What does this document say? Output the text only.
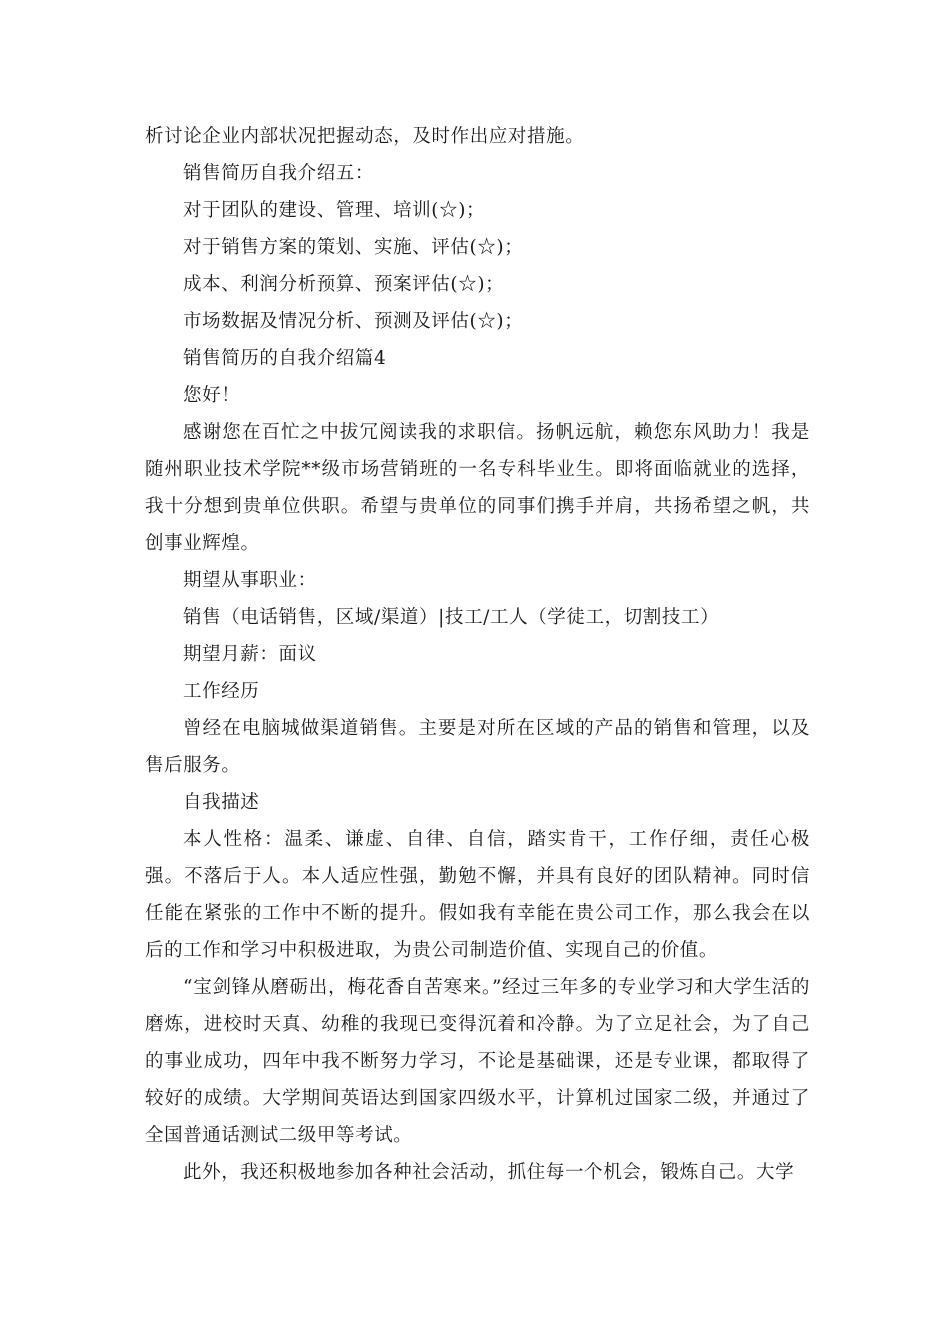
析讨论企业内部状况把握动态，及时作出应对措施。

销售简历自我介绍五：

对于团队的建设、管理、培训(☆)；

对于销售方案的策划、实施、评估(☆)；

成本、利润分析预算、预案评估(☆)；

市场数据及情况分析、预测及评估(☆)；

销售简历的自我介绍篇4

您好！

感谢您在百忙之中拔冗阅读我的求职信。扬帆远航，赖您东风助力！我是随州职业技术学院**级市场营销班的一名专科毕业生。即将面临就业的选择，我十分想到贵单位供职。希望与贵单位的同事们携手并肩，共扬希望之帆，共创事业辉煌。

期望从事职业：

销售（电话销售，区域/渠道）|技工/工人（学徒工，切割技工）

期望月薪：面议

工作经历

曾经在电脑城做渠道销售。主要是对所在区域的产品的销售和管理，以及售后服务。

自我描述

本人性格：温柔、谦虚、自律、自信，踏实肯干，工作仔细，责任心极强。不落后于人。本人适应性强，勤勉不懈，并具有良好的团队精神。同时信任能在紧张的工作中不断的提升。假如我有幸能在贵公司工作，那么我会在以后的工作和学习中积极进取，为贵公司制造价值、实现自己的价值。

“宝剑锋从磨砺出，梅花香自苦寒来。”经过三年多的专业学习和大学生活的磨炼，进校时天真、幼稚的我现已变得沉着和冷静。为了立足社会，为了自己的事业成功，四年中我不断努力学习，不论是基础课，还是专业课，都取得了较好的成绩。大学期间英语达到国家四级水平，计算机过国家二级，并通过了全国普通话测试二级甲等考试。

此外，我还积极地参加各种社会活动，抓住每一个机会，锻炼自己。大学
